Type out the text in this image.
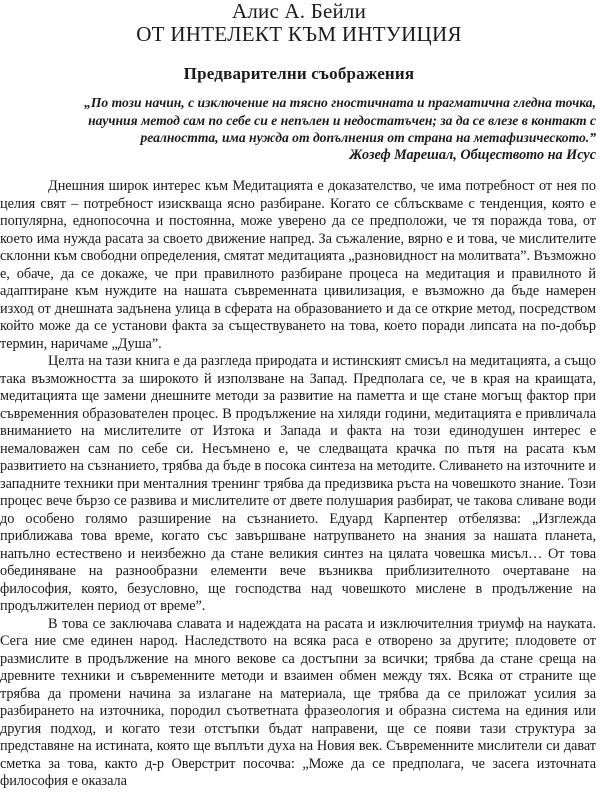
Алис А. Бейли
ОТ ИНТЕЛЕКТ КЪМ ИНТУИЦИЯ
Предварителни съображения
„По този начин, с изключение на тясно гностичната и прагматична гледна точка, научния метод сам по себе си е непълен и недостатъчен; за да се влезе в контакт с реалността, има нужда от допълнения от страна на метафизическото.”
Жозеф Марешал, Обществото на Исус

Днешния широк интерес към Медитацията е доказателство, че има потребност от нея по целия свят – потребност изискваща ясно разбиране. Когато се сблъскваме с тенденция, която е популярна, еднопосочна и постоянна, може уверено да се предположи, че тя поражда това, от което има нужда расата за своето движение напред. За съжаление, вярно е и това, че мислителите склонни към свободни определения, смятат медитацията „разновидност на молитвата”. Възможно е, обаче, да се докаже, че при правилното разбиране процеса на медитация и правилното й адаптиране към нуждите на нашата съвременната цивилизация, е възможно да бъде намерен изход от днешната задънена улица в сферата на образованието и да се открие метод, посредством който може да се установи факта за съществуването на това, което поради липсата на по-добър термин, наричаме „Душа”.

Целта на тази книга е да разгледа природата и истинският смисъл на медитацията, а също така възможността за широкото й използване на Запад. Предполага се, че в края на краищата, медитацията ще замени днешните методи за развитие на паметта и ще стане могъщ фактор при съвременния образователен процес. В продължение на хиляди години, медитацията е привличала вниманието на мислителите от Изтока и Запада и факта на този единодушен интерес е немаловажен сам по себе си. Несъмнено е, че следващата крачка по пътя на расата към развитието на съзнанието, трябва да бъде в посока синтеза на методите. Сливането на източните и западните техники при менталния тренинг трябва да предизвика ръста на човешкото знание. Този процес вече бързо се развива и мислителите от двете полушария разбират, че такова сливане води до особено голямо разширение на съзнанието. Едуард Карпентер отбелязва: „Изглежда приближава това време, когато със завършване натрупването на знания за нашата планета, напълно естествено и неизбежно да стане великия синтез на цялата човешка мисъл… От това обединяване на разнообразни елементи вече възниква приблизителното очертаване на философия, която, безусловно, ще господства над човешкото мислене в продължение на продължителен период от време”.

В това се заключава славата и надеждата на расата и изключителния триумф на науката. Сега ние сме единен народ. Наследството на всяка раса е отворено за другите; плодовете от размислите в продължение на много векове са достъпни за всички; трябва да стане среща на древните техники и съвременните методи и взаимен обмен между тях. Всяка от страните ще трябва да промени начина за излагане на материала, ще трябва да се приложат усилия за разбирането на източника, породил съответната фразеология и образна система на единия или другия подход, и когато тези отстъпки бъдат направени, ще се появи тази структура за представяне на истината, която ще въплъти духа на Новия век. Съвременните мислители си дават сметка за това, както д-р Оверстрит посочва: „Може да се предполага, че засега източната философия е оказала
